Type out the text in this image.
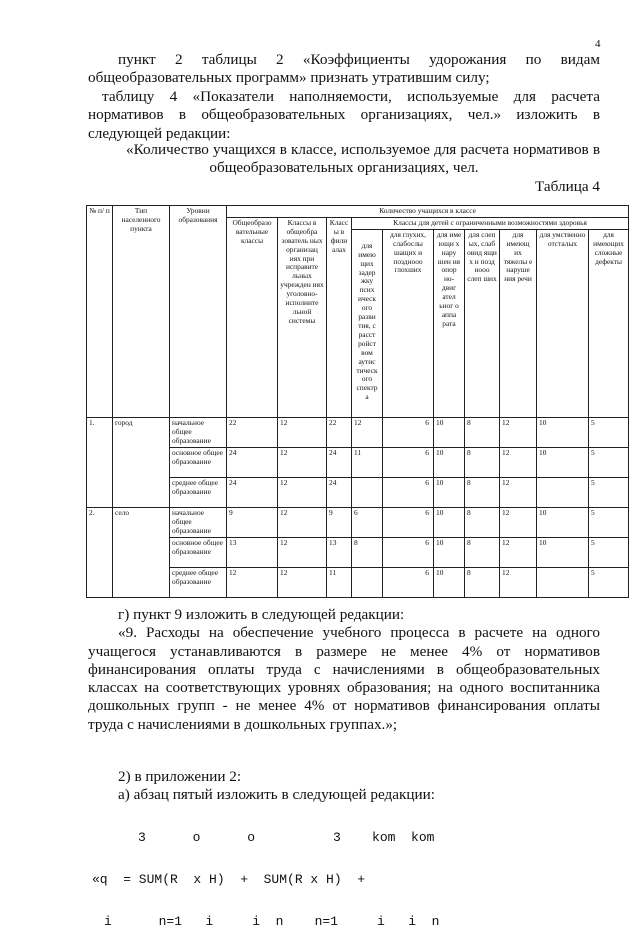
4
пункт 2 таблицы 2 «Коэффициенты удорожания по видам
общеобразовательных программ» признать утратившим силу;
таблицу 4 «Показатели наполняемости, используемые для расчета
нормативов в общеобразовательных организациях, чел.» изложить в
следующей редакции:
«Количество учащихся в классе, используемое для расчета нормативов в
общеобразовательных организациях, чел.
Таблица 4
№ п/ п	Тип населенного пункта	Уровни образования	Количество учащихся в классе									
			Общеобразо вательные классы	Классы в общеобра зователь ных организац иях при исправите льных учрежден иях уголовно- исполните льной системы	Класс ы в фили алах	Классы для детей с ограниченными возможностями здоровья						
						для имею щих задер жку псих ическ ого разви тия, с расст ройст вом аутис тическ ого спектр а	для глухих, слабослы шащих и позднооо глохших	для име ющи х нару шен ия опор но- двиг ател ьног о аппа рата	для слеп ых, слаб овид ящи х и позд нооо слеп ших	для имеющ их тяжелы е наруше ния речи	для умственно отсталых	для имеющих сложные дефекты
1.	город	начальное общее образование	22	12	22	12	6	10	8	12	10	5
		основное общее образование	24	12	24	11	6	10	8	12	10	5
		среднее общее образование	24	12	24		6	10	8	12		5
2.	село	начальное общее образование	9	12	9	6	6	10	8	12	10	5
		основное общее образование	13	12	13	8	6	10	8	12	10	5
		среднее общее образование	12	12	11		6	10	8	12		5
г) пункт 9 изложить в следующей редакции:
«9. Расходы на обеспечение учебного процесса в расчете на одного
учащегося устанавливаются в размере не менее 4% от нормативов
финансирования оплаты труда с начислениями в общеобразовательных
классах на соответствующих уровнях образования; на одного воспитанника
дошкольных групп - не менее 4% от нормативов финансирования оплаты
труда с начислениями в дошкольных группах.»;
2) в приложении 2:
а) абзац пятый изложить в следующей редакции:

3      o      o          3    kom  kom

«q  = SUM(R  x H)  +  SUM(R x H)  +

i      n=1   i     i  n    n=1     i   i  n
